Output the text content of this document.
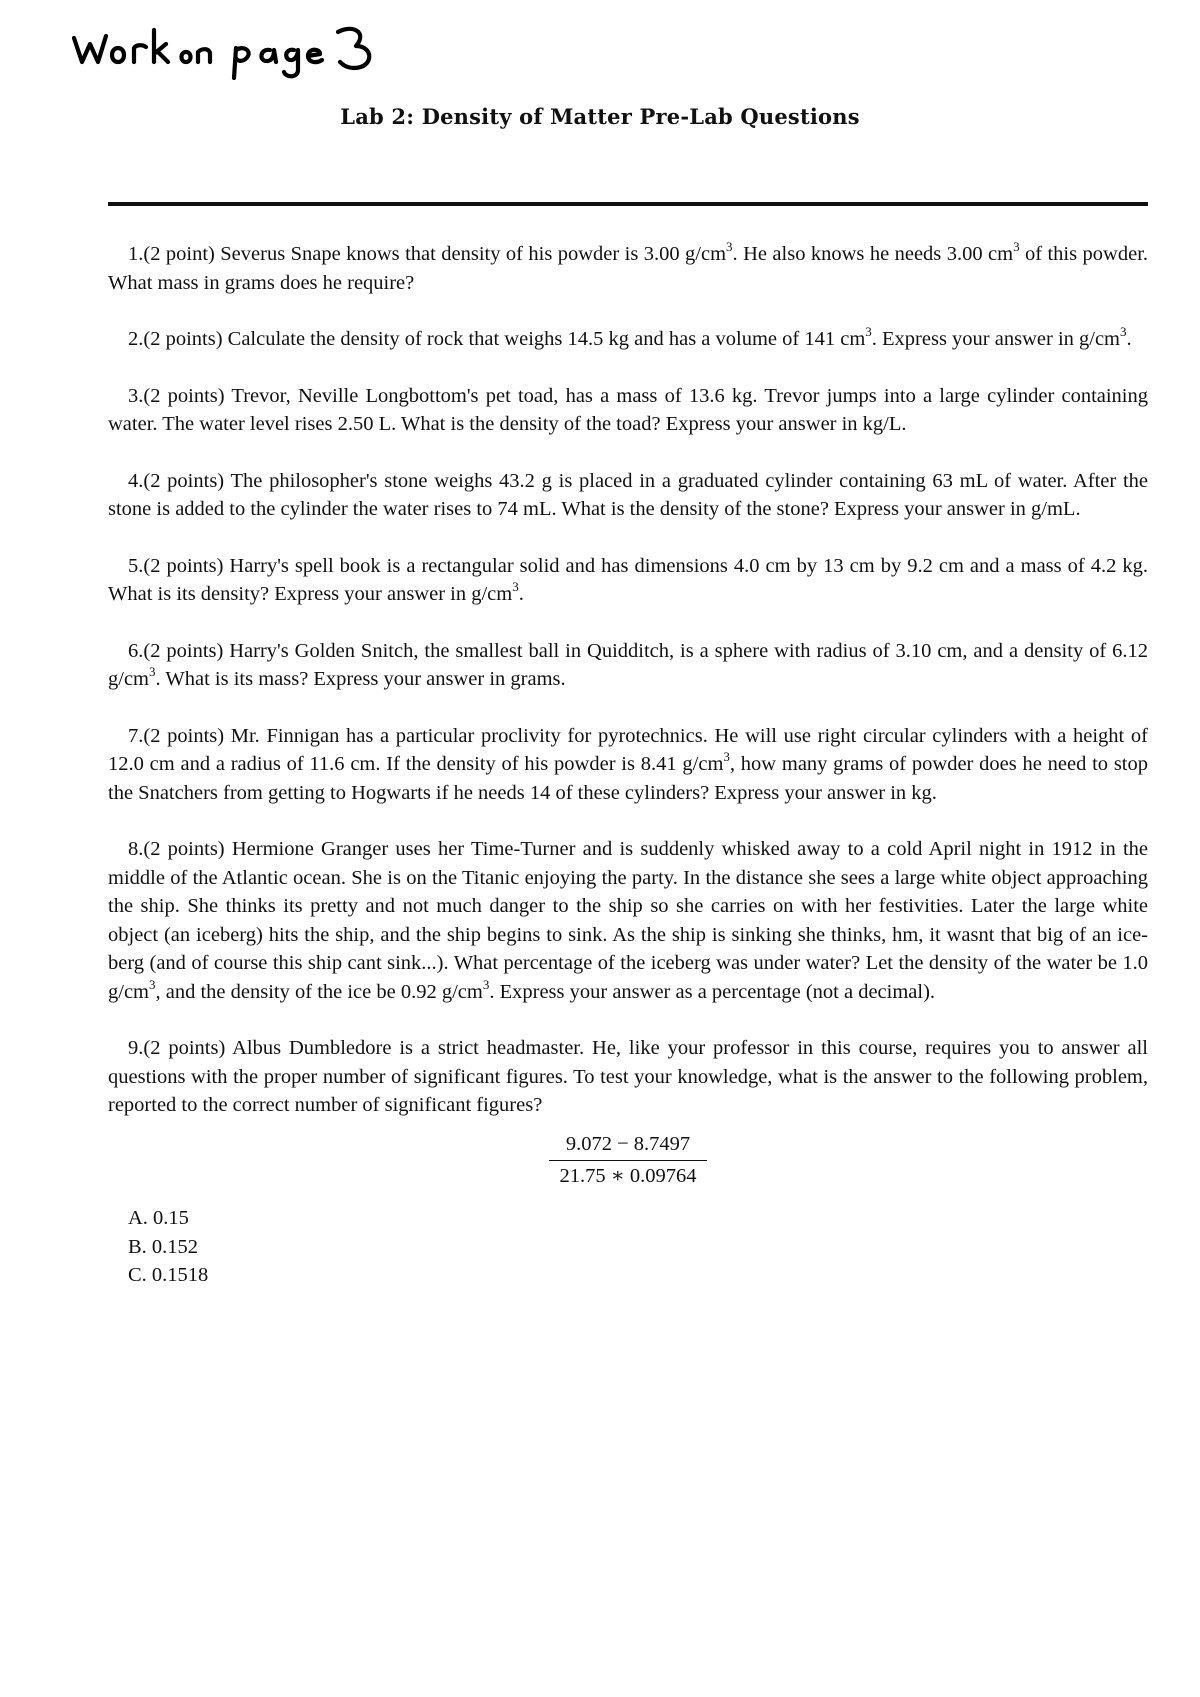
Lab 2: Density of Matter Pre-Lab Questions

1.(2 point) Severus Snape knows that density of his powder is 3.00 $g/cm^3$. He also knows he needs 3.00 $cm^3$ of this powder. What mass in grams does he require?

2.(2 points) Calculate the density of rock that weighs 14.5 kg and has a volume of 141 $cm^3$. Express your answer in $g/cm^3$.

3.(2 points) Trevor, Neville Longbottom's pet toad, has a mass of 13.6 kg. Trevor jumps into a large cylinder containing water. The water level rises 2.50 L. What is the density of the toad? Express your answer in kg/L.

4.(2 points) The philosopher's stone weighs 43.2 g is placed in a graduated cylinder containing 63 mL of water. After the stone is added to the cylinder the water rises to 74 mL. What is the density of the stone? Express your answer in g/mL.

5.(2 points) Harry's spell book is a rectangular solid and has dimensions 4.0 cm by 13 cm by 9.2 cm and a mass of 4.2 kg. What is its density? Express your answer in $g/cm^3$.

6.(2 points) Harry's Golden Snitch, the smallest ball in Quidditch, is a sphere with radius of 3.10 cm, and a density of 6.12 $g/cm^3$. What is its mass? Express your answer in grams.

7.(2 points) Mr. Finnigan has a particular proclivity for pyrotechnics. He will use right circular cylinders with a height of 12.0 cm and a radius of 11.6 cm. If the density of his powder is 8.41 $g/cm^3$, how many grams of powder does he need to stop the Snatchers from getting to Hogwarts if he needs 14 of these cylinders? Express your answer in kg.

8.(2 points) Hermione Granger uses her Time-Turner and is suddenly whisked away to a cold April night in 1912 in the middle of the Atlantic ocean. She is on the Titanic enjoying the party. In the distance she sees a large white object approaching the ship. She thinks its pretty and not much danger to the ship so she carries on with her festivities. Later the large white object (an iceberg) hits the ship, and the ship begins to sink. As the ship is sinking she thinks, hm, it wasnt that big of an ice-berg (and of course this ship cant sink...). What percentage of the iceberg was under water? Let the density of the water be 1.0 $g/cm^3$, and the density of the ice be 0.92 $g/cm^3$. Express your answer as a percentage (not a decimal).

9.(2 points) Albus Dumbledore is a strict headmaster. He, like your professor in this course, requires you to answer all questions with the proper number of significant figures. To test your knowledge, what is the answer to the following problem, reported to the correct number of significant figures?

9.072 − 8.7497
21.75 ∗ 0.09764
A. 0.15
B. 0.152
C. 0.1518
